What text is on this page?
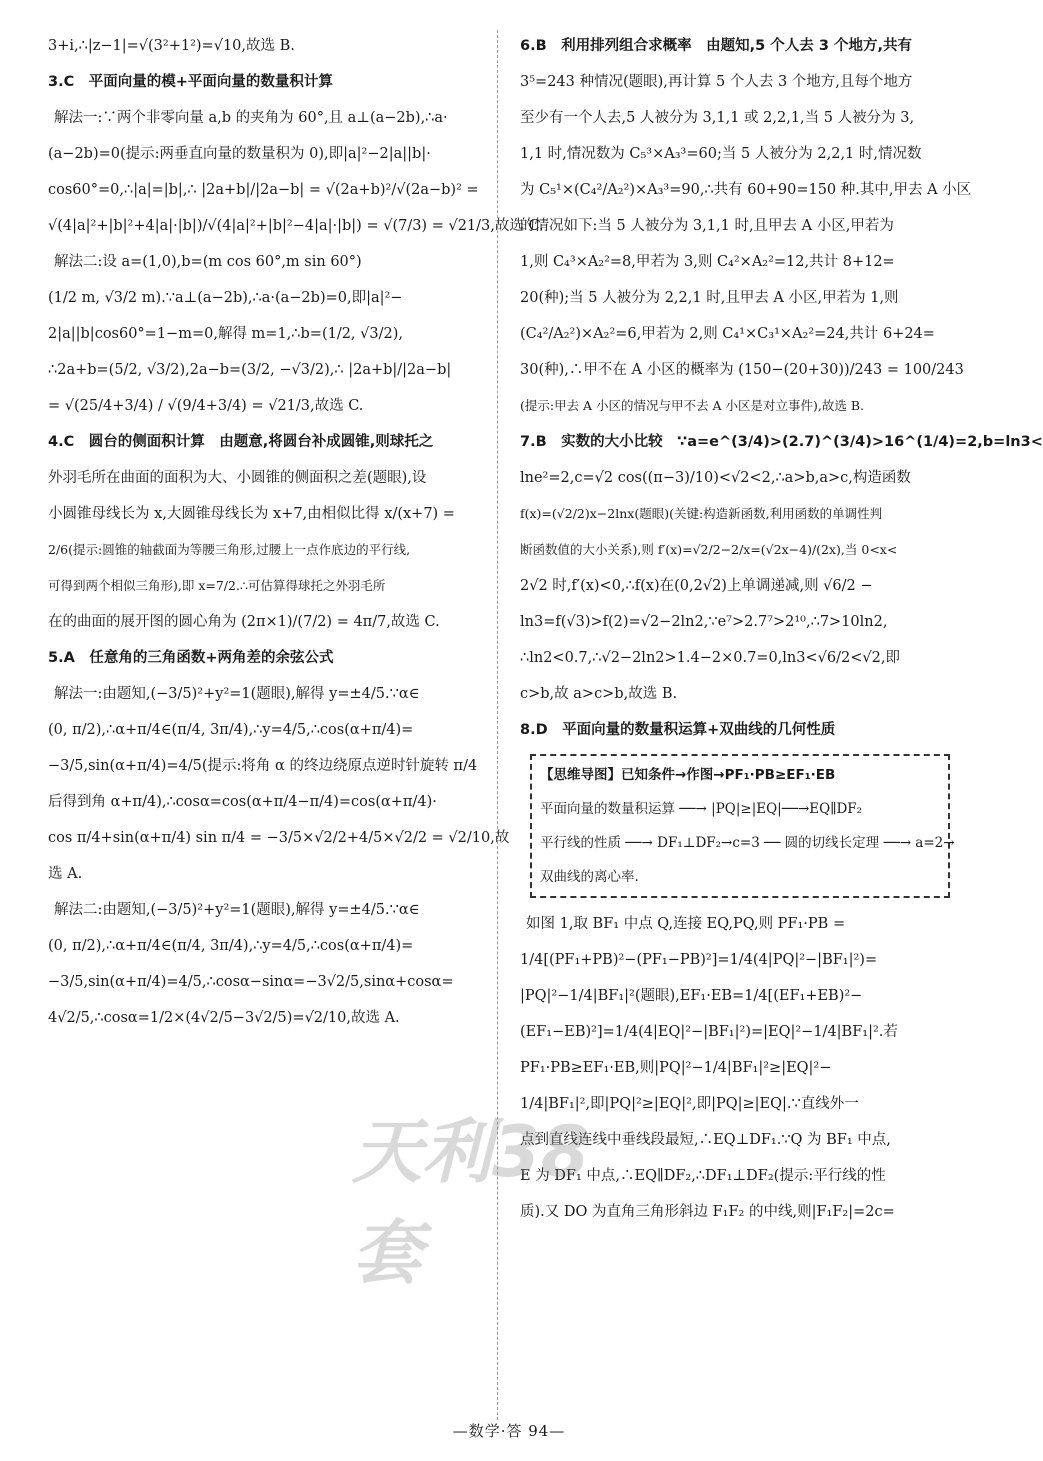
3+i,∴|z−1|=√(3²+1²)=√10,故选 B.
3.C　平面向量的模+平面向量的数量积计算
解法一:∵两个非零向量 a,b 的夹角为 60°,且 a⊥(a−2b),∴a·
(a−2b)=0(提示:两垂直向量的数量积为 0),即|a|²−2|a||b|·
cos60°=0,∴|a|=|b|,∴ |2a+b|/|2a−b| = √(2a+b)²/√(2a−b)² =
√(4|a|²+|b|²+4|a|·|b|)/√(4|a|²+|b|²−4|a|·|b|) = √(7/3) = √21/3,故选 C.
解法二:设 a=(1,0),b=(m cos 60°,m sin 60°)
(1/2 m, √3/2 m).∵a⊥(a−2b),∴a·(a−2b)=0,即|a|²−
2|a||b|cos60°=1−m=0,解得 m=1,∴b=(1/2, √3/2),
∴2a+b=(5/2, √3/2),2a−b=(3/2, −√3/2),∴ |2a+b|/|2a−b|
= √(25/4+3/4) / √(9/4+3/4) = √21/3,故选 C.
4.C　圆台的侧面积计算　由题意,将圆台补成圆锥,则球托之
外羽毛所在曲面的面积为大、小圆锥的侧面积之差(题眼),设
小圆锥母线长为 x,大圆锥母线长为 x+7,由相似比得 x/(x+7) =
2/6(提示:圆锥的轴截面为等腰三角形,过腰上一点作底边的平行线,
可得到两个相似三角形),即 x=7/2.∴可估算得球托之外羽毛所
在的曲面的展开图的圆心角为 (2π×1)/(7/2) = 4π/7,故选 C.
5.A　任意角的三角函数+两角差的余弦公式
解法一:由题知,(−3/5)²+y²=1(题眼),解得 y=±4/5.∵α∈
(0, π/2),∴α+π/4∈(π/4, 3π/4),∴y=4/5,∴cos(α+π/4)=
−3/5,sin(α+π/4)=4/5(提示:将角 α 的终边绕原点逆时针旋转 π/4
后得到角 α+π/4),∴cosα=cos(α+π/4−π/4)=cos(α+π/4)·
cos π/4+sin(α+π/4) sin π/4 = −3/5×√2/2+4/5×√2/2 = √2/10,故
选 A.
解法二:由题知,(−3/5)²+y²=1(题眼),解得 y=±4/5.∵α∈
(0, π/2),∴α+π/4∈(π/4, 3π/4),∴y=4/5,∴cos(α+π/4)=
−3/5,sin(α+π/4)=4/5,∴cosα−sinα=−3√2/5,sinα+cosα=
4√2/5,∴cosα=1/2×(4√2/5−3√2/5)=√2/10,故选 A.
6.B　利用排列组合求概率　由题知,5 个人去 3 个地方,共有
3⁵=243 种情况(题眼),再计算 5 个人去 3 个地方,且每个地方
至少有一个人去,5 人被分为 3,1,1 或 2,2,1,当 5 人被分为 3,
1,1 时,情况数为 C₅³×A₃³=60;当 5 人被分为 2,2,1 时,情况数
为 C₅¹×(C₄²/A₂²)×A₃³=90,∴共有 60+90=150 种.其中,甲去 A 小区
的情况如下:当 5 人被分为 3,1,1 时,且甲去 A 小区,甲若为
1,则 C₄³×A₂²=8,甲若为 3,则 C₄²×A₂²=12,共计 8+12=
20(种);当 5 人被分为 2,2,1 时,且甲去 A 小区,甲若为 1,则
(C₄²/A₂²)×A₂²=6,甲若为 2,则 C₄¹×C₃¹×A₂²=24,共计 6+24=
30(种),∴甲不在 A 小区的概率为 (150−(20+30))/243 = 100/243
(提示:甲去 A 小区的情况与甲不去 A 小区是对立事件),故选 B.
7.B　实数的大小比较　∵a=e^(3/4)>(2.7)^(3/4)>16^(1/4)=2,b=ln3<
lne²=2,c=√2 cos((π−3)/10)<√2<2,∴a>b,a>c,构造函数
f(x)=(√2/2)x−2lnx(题眼)(关键:构造新函数,利用函数的单调性判
断函数值的大小关系),则 f′(x)=√2/2−2/x=(√2x−4)/(2x),当 0<x<
2√2 时,f′(x)<0,∴f(x)在(0,2√2)上单调递减,则 √6/2 −
ln3=f(√3)>f(2)=√2−2ln2,∵e⁷>2.7⁷>2¹⁰,∴7>10ln2,
∴ln2<0.7,∴√2−2ln2>1.4−2×0.7=0,ln3<√6/2<√2,即
c>b,故 a>c>b,故选 B.
8.D　平面向量的数量积运算+双曲线的几何性质
【思维导图】已知条件→作图→PF₁·PB≥EF₁·EB
平面向量的数量积运算 ──→ |PQ|≥|EQ|──→EQ∥DF₂
平行线的性质 ──→ DF₁⊥DF₂→c=3 ── 圆的切线长定理 ──→ a=2→
双曲线的离心率.
如图 1,取 BF₁ 中点 Q,连接 EQ,PQ,则 PF₁·PB =
1/4[(PF₁+PB)²−(PF₁−PB)²]=1/4(4|PQ|²−|BF₁|²)=
|PQ|²−1/4|BF₁|²(题眼),EF₁·EB=1/4[(EF₁+EB)²−
(EF₁−EB)²]=1/4(4|EQ|²−|BF₁|²)=|EQ|²−1/4|BF₁|².若
PF₁·PB≥EF₁·EB,则|PQ|²−1/4|BF₁|²≥|EQ|²−
1/4|BF₁|²,即|PQ|²≥|EQ|²,即|PQ|≥|EQ|.∵直线外一
点到直线连线中垂线段最短,∴EQ⊥DF₁.∵Q 为 BF₁ 中点,
E 为 DF₁ 中点,∴EQ∥DF₂,∴DF₁⊥DF₂(提示:平行线的性
质).又 DO 为直角三角形斜边 F₁F₂ 的中线,则|F₁F₂|=2c=
天利38套
—数学·答 94—
